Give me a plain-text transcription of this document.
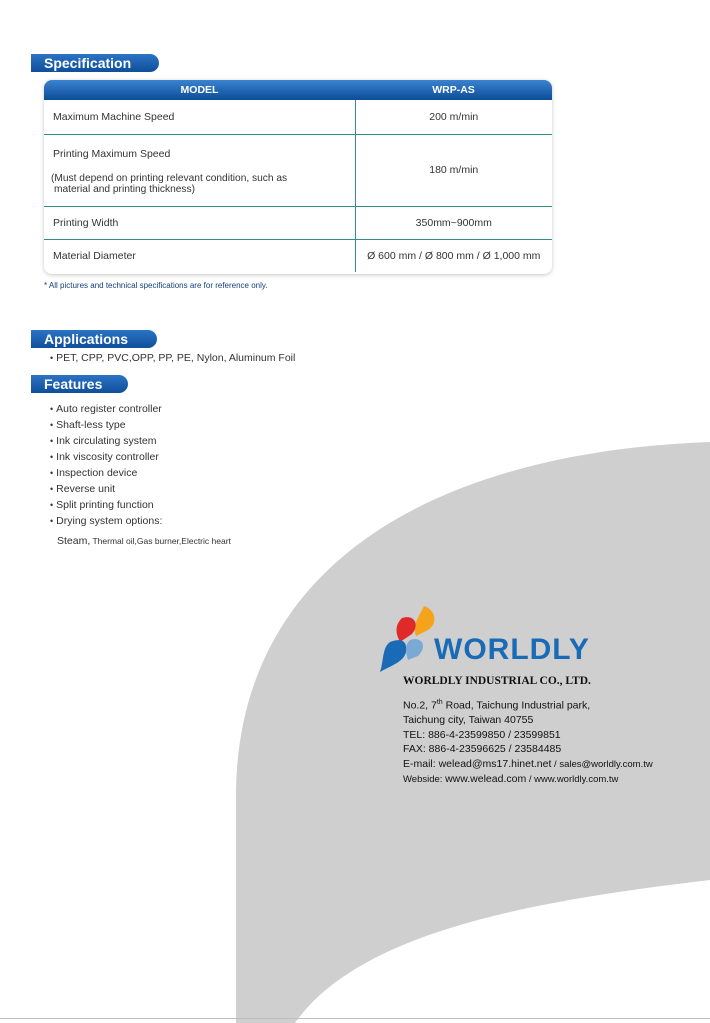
Specification
MODEL	WRP-AS
Maximum Machine Speed	200 m/min

Printing Maximum Speed
(Must depend on printing relevant condition, such as
material and printing thickness)	180 m/min
Printing Width	350mm~900mm
Material Diameter	Ø 600 mm / Ø 800 mm / Ø 1,000 mm
* All pictures and technical specifications are for reference only.
Applications
• PET, CPP, PVC,OPP, PP, PE, Nylon, Aluminum Foil
Features
• Auto register controller
• Shaft-less type
• Ink circulating system
• Ink viscosity controller
• Inspection device
• Reverse unit
• Split printing function
• Drying system options:
Steam, Thermal oil,Gas burner,Electric heart
WORLDLY
WORLDLY INDUSTRIAL CO., LTD.
No.2, 7th Road, Taichung Industrial park,
Taichung city, Taiwan 40755
TEL: 886-4-23599850 / 23599851
FAX: 886-4-23596625 / 23584485
E-mail: welead@ms17.hinet.net / sales@worldly.com.tw
Webside: www.welead.com / www.worldly.com.tw
